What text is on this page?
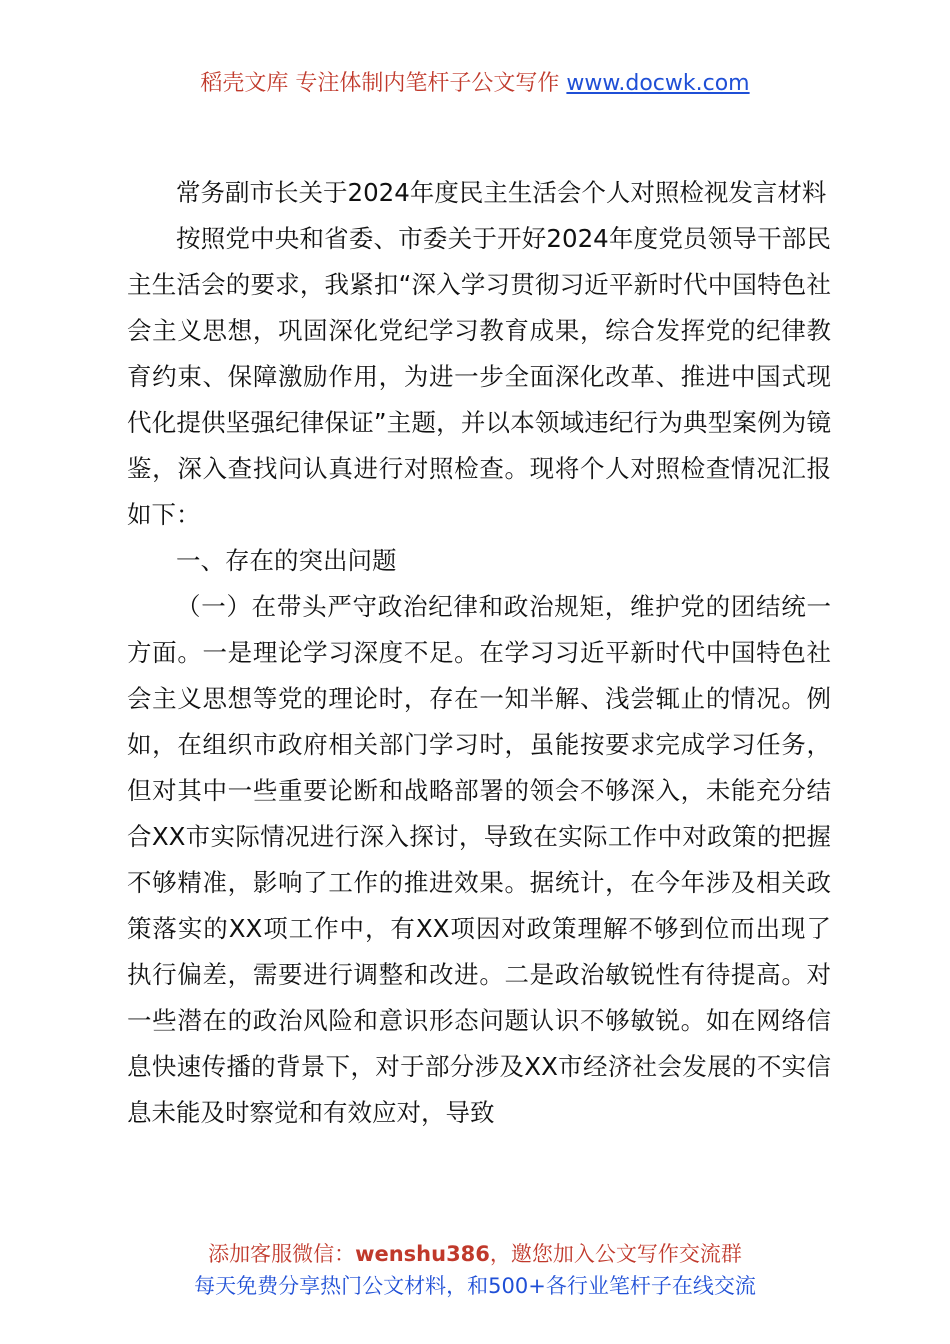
稻壳文库 专注体制内笔杆子公文写作 www.docwk.com

常务副市长关于2024年度民主生活会个人对照检视发言材料

按照党中央和省委、市委关于开好2024年度党员领导干部民主生活会的要求，我紧扣“深入学习贯彻习近平新时代中国特色社会主义思想，巩固深化党纪学习教育成果，综合发挥党的纪律教育约束、保障激励作用，为进一步全面深化改革、推进中国式现代化提供坚强纪律保证”主题，并以本领域违纪行为典型案例为镜鉴，深入查找问认真进行对照检查。现将个人对照检查情况汇报如下：

一、存在的突出问题

（一）在带头严守政治纪律和政治规矩，维护党的团结统一方面。一是理论学习深度不足。在学习习近平新时代中国特色社会主义思想等党的理论时，存在一知半解、浅尝辄止的情况。例如，在组织市政府相关部门学习时，虽能按要求完成学习任务，但对其中一些重要论断和战略部署的领会不够深入，未能充分结合XX市实际情况进行深入探讨，导致在实际工作中对政策的把握不够精准，影响了工作的推进效果。据统计，在今年涉及相关政策落实的XX项工作中，有XX项因对政策理解不够到位而出现了执行偏差，需要进行调整和改进。二是政治敏锐性有待提高。对一些潜在的政治风险和意识形态问题认识不够敏锐。如在网络信息快速传播的背景下，对于部分涉及XX市经济社会发展的不实信息未能及时察觉和有效应对，导致

添加客服微信：wenshu386，邀您加入公文写作交流群
每天免费分享热门公文材料，和500+各行业笔杆子在线交流
